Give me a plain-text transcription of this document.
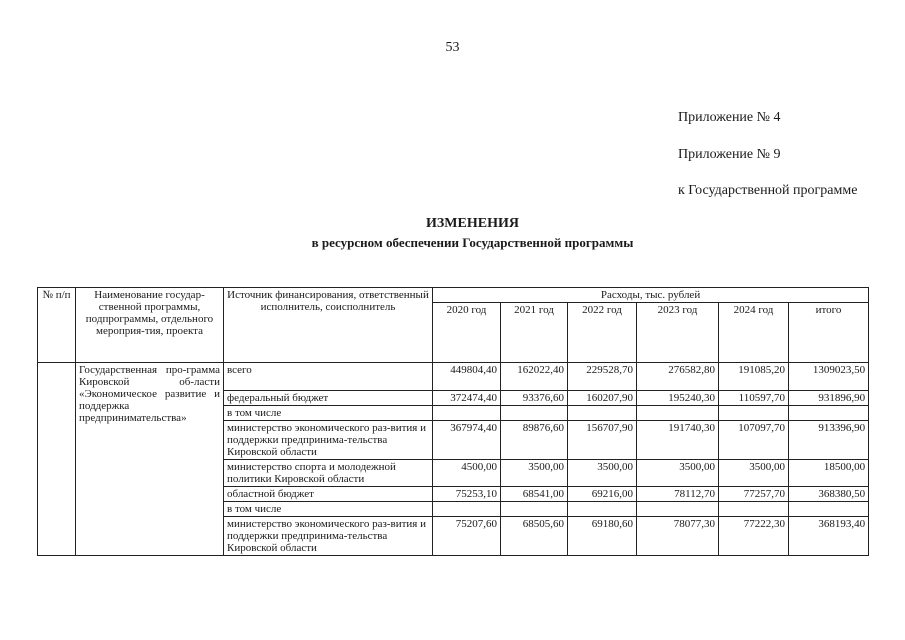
53
Приложение № 4
Приложение № 9
к Государственной программе
ИЗМЕНЕНИЯ
в ресурсном обеспечении Государственной программы
№ п/п	Наименование государ-ственной программы, подпрограммы, отдельного мероприя-тия, проекта	Источник финансирования, ответственный исполнитель, соисполнитель	Расходы, тыс. рублей					
			2020 год	2021 год	2022 год	2023 год	2024 год	итого
	Государственная про-грамма Кировской об-ласти «Экономическое развитие и поддержка предпринимательства»	всего	449804,40	162022,40	229528,70	276582,80	191085,20	1309023,50
		федеральный бюджет	372474,40	93376,60	160207,90	195240,30	110597,70	931896,90
		в том числе						
		министерство экономического раз-вития и поддержки предпринима-тельства Кировской области	367974,40	89876,60	156707,90	191740,30	107097,70	913396,90
		министерство спорта и молодежной политики Кировской области	4500,00	3500,00	3500,00	3500,00	3500,00	18500,00
		областной бюджет	75253,10	68541,00	69216,00	78112,70	77257,70	368380,50
		в том числе						
		министерство экономического раз-вития и поддержки предпринима-тельства Кировской области	75207,60	68505,60	69180,60	78077,30	77222,30	368193,40
